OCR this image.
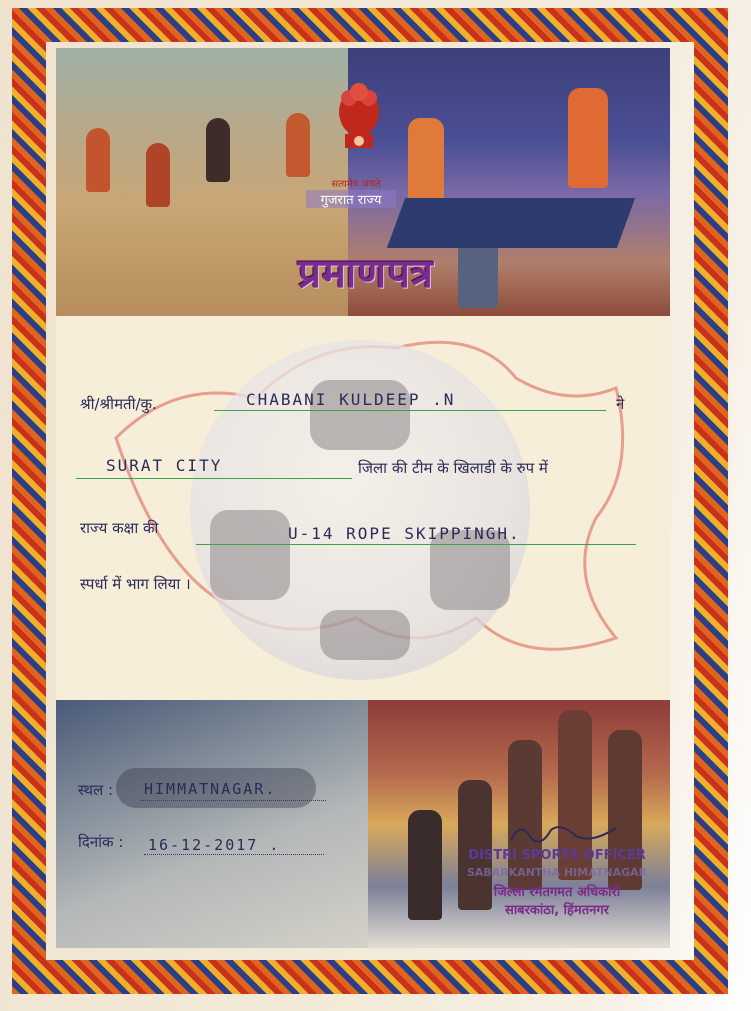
सत्यमेव जयते
गुजरात राज्य
प्रमाणपत्र
श्री/श्रीमती/कु.	CHABANI KULDEEP .N	ने
SURAT CITY	जिला की टीम के खिलाडी के रुप में
राज्य कक्षा की	U-14 ROPE SKIPPINGH.
स्पर्धा में भाग लिया ।
स्थल : HIMMATNAGAR.
दिनांक : 16-12-2017 .
DISTRI SPORTS OFFICER
SABARKANTHA HIMATNAGAR
जिल्ला रमतगमत अधिकारी
साबरकांठा, हिंमतनगर
